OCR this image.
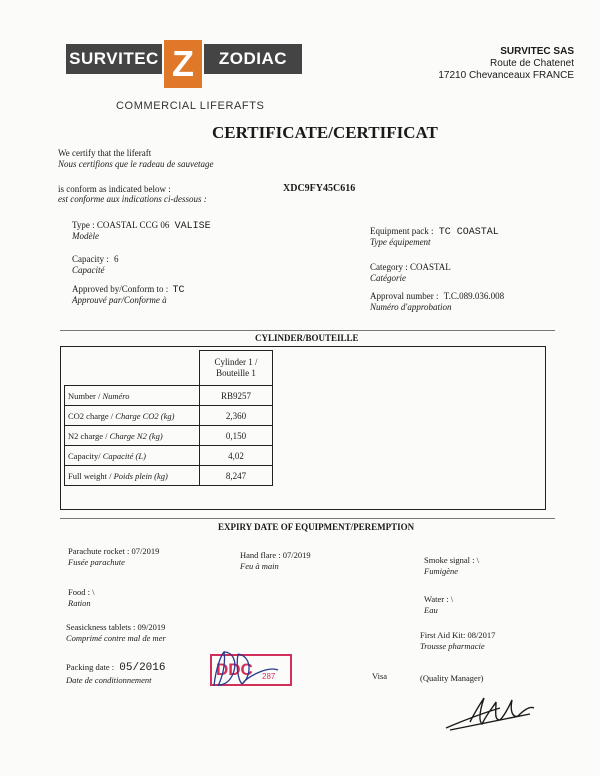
SURVITEC Z	ZODIAC
COMMERCIAL LIFERAFTS
SURVITEC SAS
Route de Chatenet
17210 Chevanceaux FRANCE
CERTIFICATE/CERTIFICAT
We certify that the liferaft
Nous certifions que le radeau de sauvetage
is conform as indicated below :
est conforme aux indications ci-dessous :
XDC9FY45C616
Type : COASTAL CCG 06 VALISE
Modèle
Capacity : 6
Capacité
Approved by/Conform to : TC
Approuvé par/Conforme à
Equipment pack : TC COASTAL
Type équipement
Category : COASTAL
Catégorie
Approval number : T.C.089.036.008
Numéro d'approbation
CYLINDER/BOUTEILLE

	Cylinder 1 /
Bouteille 1

Number / Numéro	RB9257
CO2 charge / Charge CO2 (kg)	2,360
N2 charge / Charge N2 (kg)	0,150
Capacity/ Capacité (L)	4,02
Full weight / Poids plein (kg)	8,247
EXPIRY DATE OF EQUIPMENT/PEREMPTION
Parachute rocket : 07/2019
Fusée parachute
Hand flare : 07/2019
Feu à main
Smoke signal : \
Fumigène
Food : \
Ration	Water : \
Eau
Seasickness tablets : 09/2019
Comprimé contre mal de mer	First Aid Kit: 08/2017
Trousse pharmacie
Packing date : 05/2016
Date de conditionnement
DDC 287	Visa	(Quality Manager)
